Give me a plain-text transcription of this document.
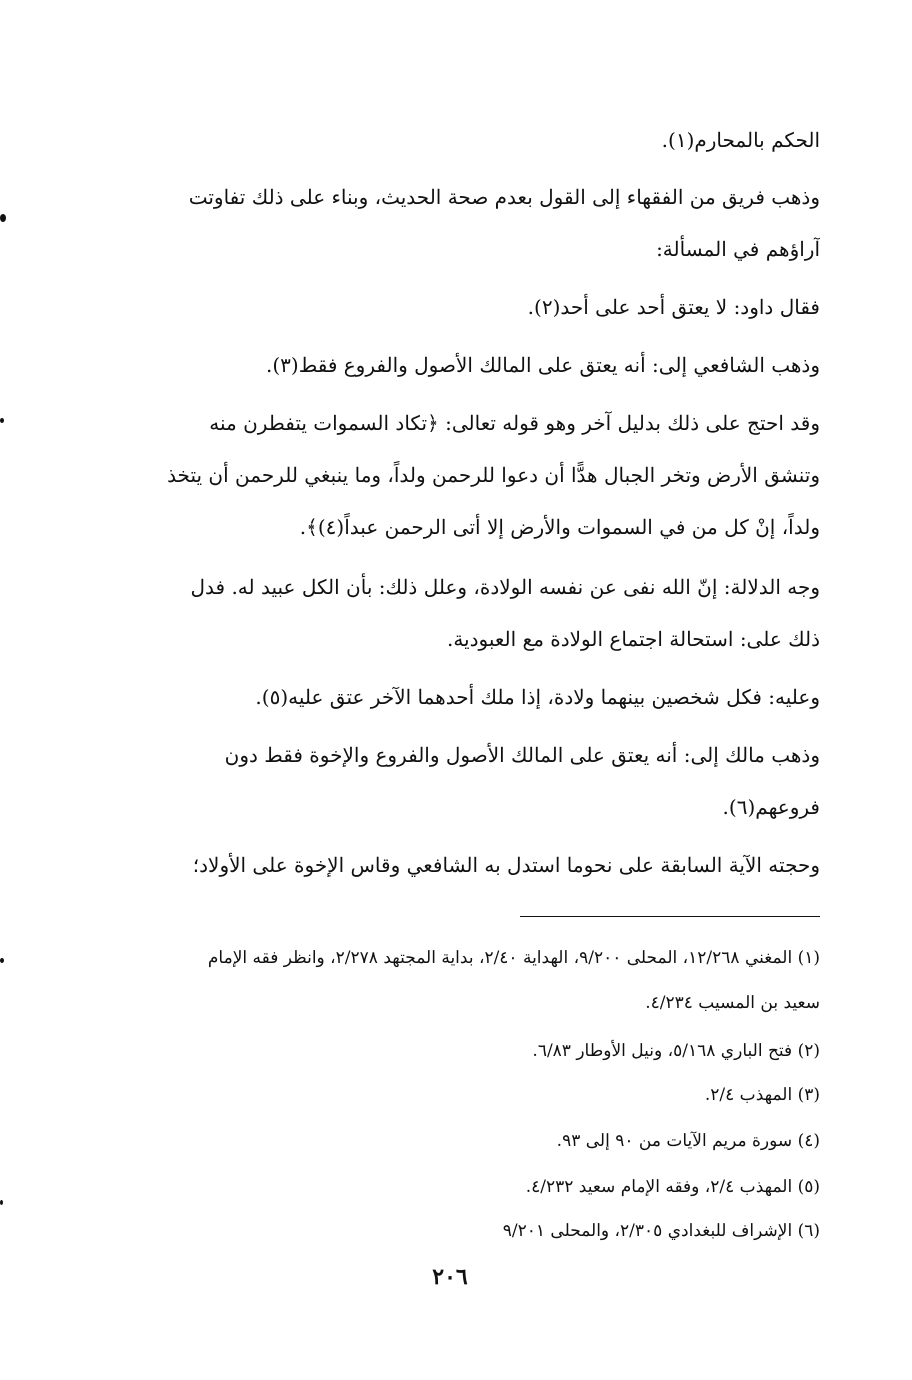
الحكم بالمحارم(١).
وذهب فريق من الفقهاء إلى القول بعدم صحة الحديث، وبناء على ذلك تفاوتت
آراؤهم في المسألة:
فقال داود: لا يعتق أحد على أحد(٢).
وذهب الشافعي إلى: أنه يعتق على المالك الأصول والفروع فقط(٣).
وقد احتج على ذلك بدليل آخر وهو قوله تعالى: ﴿تكاد السموات يتفطرن منه
وتنشق الأرض وتخر الجبال هدًّا أن دعوا للرحمن ولداً، وما ينبغي للرحمن أن يتخذ
ولداً، إنْ كل من في السموات والأرض إلا أتى الرحمن عبداً(٤)﴾.
وجه الدلالة: إنّ الله نفى عن نفسه الولادة، وعلل ذلك: بأن الكل عبيد له. فدل
ذلك على: استحالة اجتماع الولادة مع العبودية.
وعليه: فكل شخصين بينهما ولادة، إذا ملك أحدهما الآخر عتق عليه(٥).
وذهب مالك إلى: أنه يعتق على المالك الأصول والفروع والإخوة فقط دون
فروعهم(٦).
وحجته الآية السابقة على نحوما استدل به الشافعي وقاس الإخوة على الأولاد؛
(١) المغني ١٢/٢٦٨، المحلى ٩/٢٠٠، الهداية ٢/٤٠، بداية المجتهد ٢/٢٧٨، وانظر فقه الإمام
سعيد بن المسيب ٤/٢٣٤.
(٢) فتح الباري ٥/١٦٨، ونيل الأوطار ٦/٨٣.
(٣) المهذب ٢/٤.
(٤) سورة مريم الآيات من ٩٠ إلى ٩٣.
(٥) المهذب ٢/٤، وفقه الإمام سعيد ٤/٢٣٢.
(٦) الإشراف للبغدادي ٢/٣٠٥، والمحلى ٩/٢٠١
٢٠٦
